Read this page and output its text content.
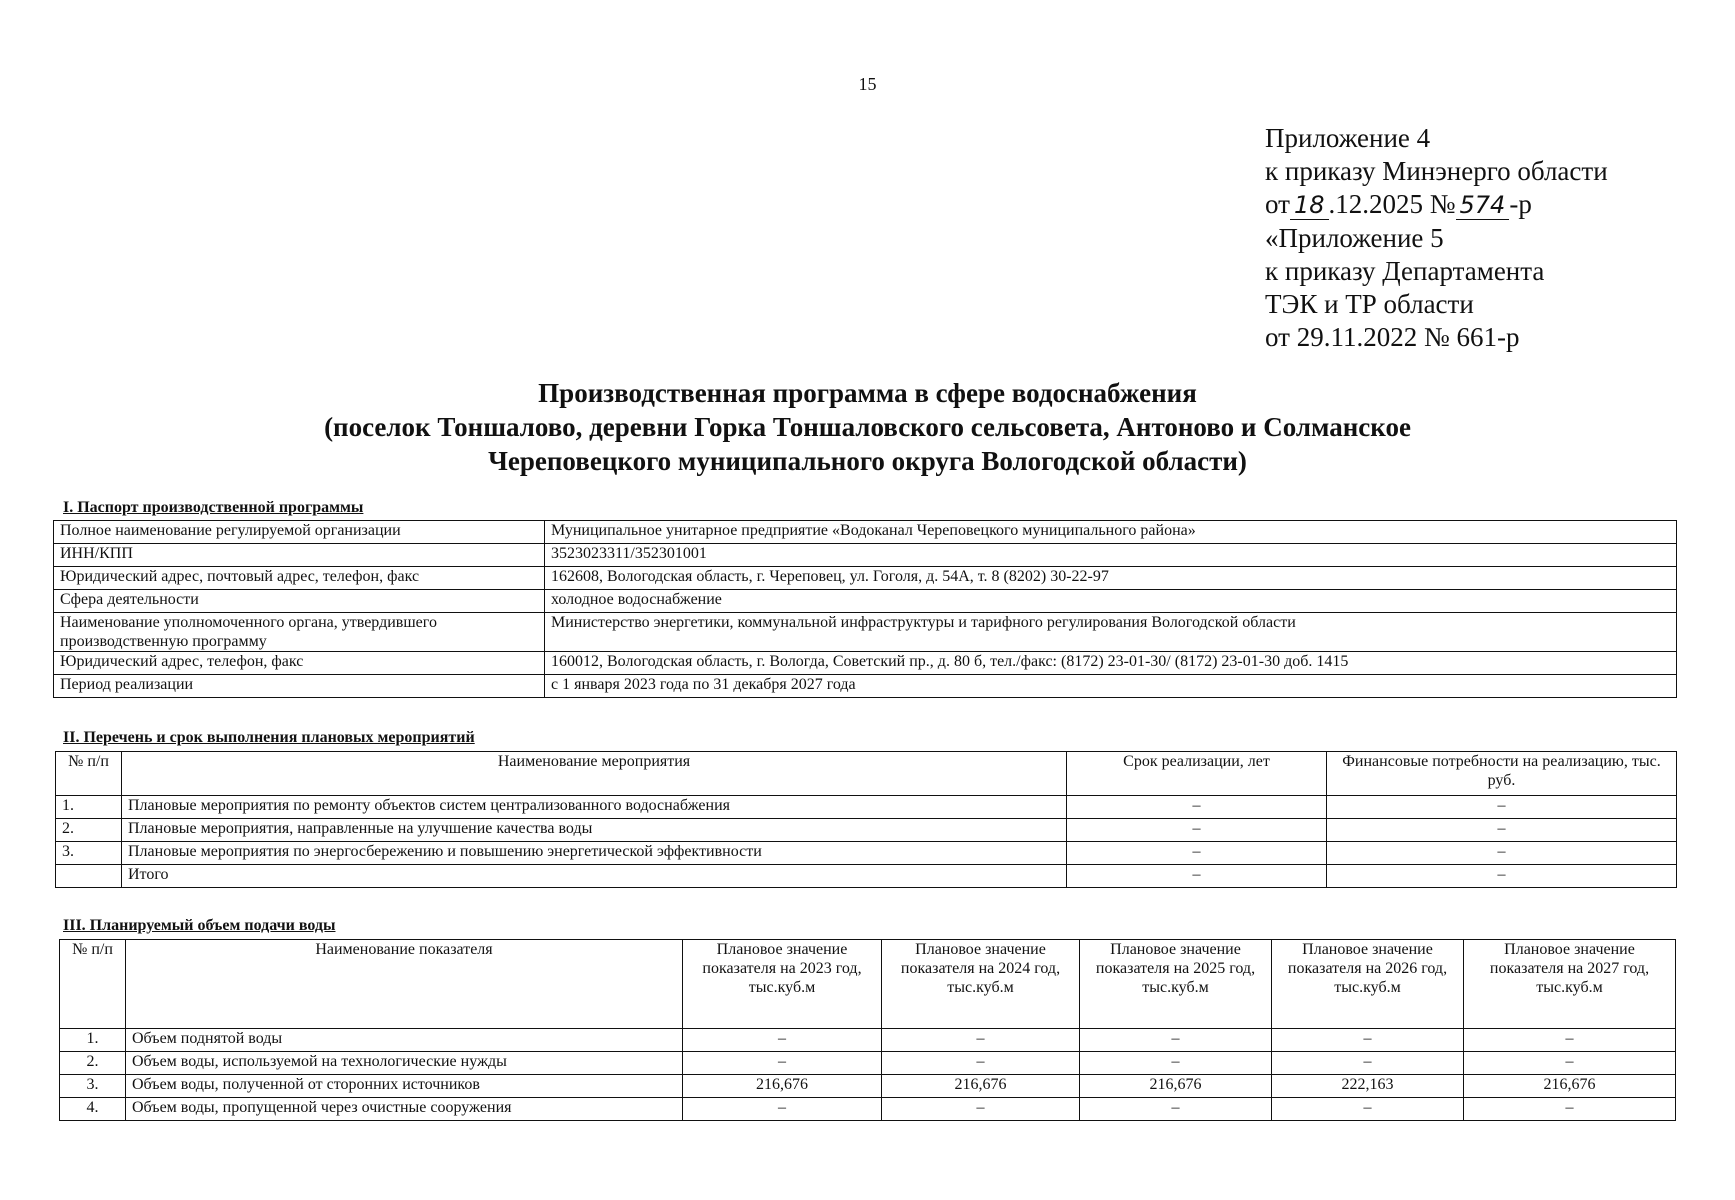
15
Приложение 4
к приказу Минэнерго области
от 18 .12.2025 № 574 -р
«Приложение 5
к приказу Департамента
ТЭК и ТР области
от 29.11.2022 № 661-р
Производственная программа в сфере водоснабжения
(поселок Тоншалово, деревни Горка Тоншаловского сельсовета, Антоново и Солманское
Череповецкого муниципального округа Вологодской области)
I. Паспорт производственной программы
Полное наименование регулируемой организации	Муниципальное унитарное предприятие «Водоканал Череповецкого муниципального района»
ИНН/КПП	3523023311/352301001
Юридический адрес, почтовый адрес, телефон, факс	162608, Вологодская область, г. Череповец, ул. Гоголя, д. 54А, т. 8 (8202) 30-22-97
Сфера деятельности	холодное водоснабжение
Наименование уполномоченного органа, утвердившего производственную программу	Министерство энергетики, коммунальной инфраструктуры и тарифного регулирования Вологодской области
Юридический адрес, телефон, факс	160012, Вологодская область, г. Вологда, Советский пр., д. 80 б, тел./факс: (8172) 23-01-30/ (8172) 23-01-30 доб. 1415
Период реализации	с 1 января 2023 года по 31 декабря 2027 года
II. Перечень и срок выполнения плановых мероприятий
№ п/п	Наименование мероприятия	Срок реализации, лет	Финансовые потребности на реализацию, тыс. руб.
1.	Плановые мероприятия по ремонту объектов систем централизованного водоснабжения	–	–
2.	Плановые мероприятия, направленные на улучшение качества воды	–	–
3.	Плановые мероприятия по энергосбережению и повышению энергетической эффективности	–	–
	Итого	–	–
III. Планируемый объем подачи воды
№ п/п	Наименование показателя	Плановое значение показателя на 2023 год, тыс.куб.м	Плановое значение показателя на 2024 год, тыс.куб.м	Плановое значение показателя на 2025 год, тыс.куб.м	Плановое значение показателя на 2026 год, тыс.куб.м	Плановое значение показателя на 2027 год, тыс.куб.м
1.	Объем поднятой воды	–	–	–	–	–
2.	Объем воды, используемой на технологические нужды	–	–	–	–	–
3.	Объем воды, полученной от сторонних источников	216,676	216,676	216,676	222,163	216,676
4.	Объем воды, пропущенной через очистные сооружения	–	–	–	–	–
